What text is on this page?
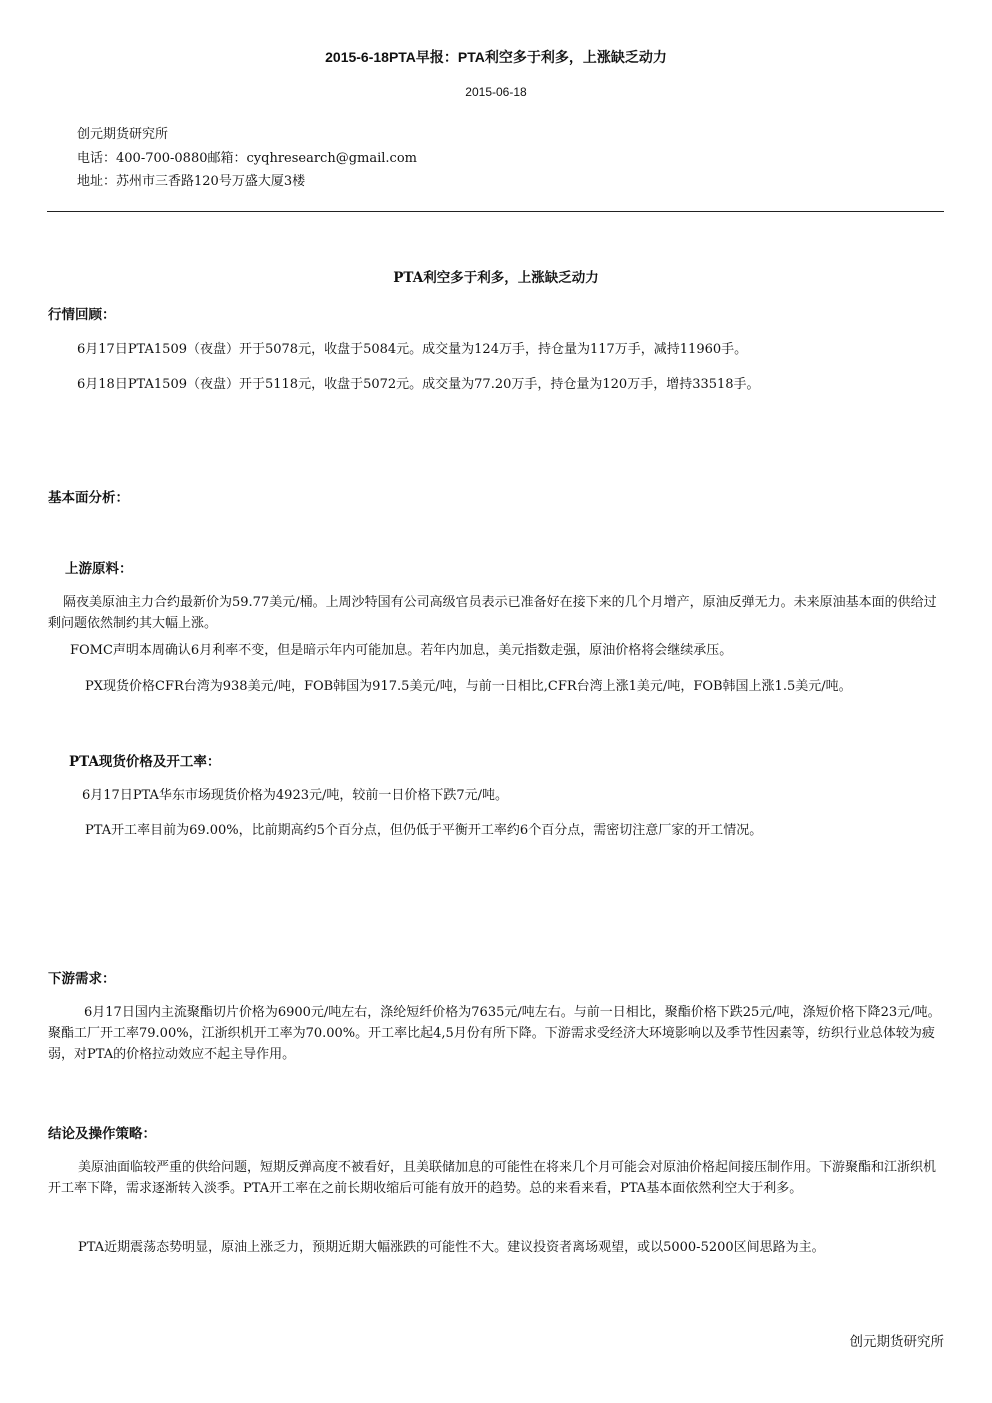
2015-6-18PTA早报：PTA利空多于利多，上涨缺乏动力
2015-06-18
创元期货研究所
电话：400-700-0880邮箱：cyqhresearch@gmail.com
地址：苏州市三香路120号万盛大厦3楼
PTA利空多于利多，上涨缺乏动力
行情回顾：
6月17日PTA1509（夜盘）开于5078元，收盘于5084元。成交量为124万手，持仓量为117万手，减持11960手。
6月18日PTA1509（夜盘）开于5118元，收盘于5072元。成交量为77.20万手，持仓量为120万手，增持33518手。
基本面分析：
上游原料：
隔夜美原油主力合约最新价为59.77美元/桶。上周沙特国有公司高级官员表示已准备好在接下来的几个月增产，原油反弹无力。未来原油基本面的供给过剩问题依然制约其大幅上涨。
FOMC声明本周确认6月利率不变，但是暗示年内可能加息。若年内加息，美元指数走强，原油价格将会继续承压。
PX现货价格CFR台湾为938美元/吨，FOB韩国为917.5美元/吨，与前一日相比,CFR台湾上涨1美元/吨，FOB韩国上涨1.5美元/吨。
PTA现货价格及开工率：
6月17日PTA华东市场现货价格为4923元/吨，较前一日价格下跌7元/吨。
PTA开工率目前为69.00%，比前期高约5个百分点，但仍低于平衡开工率约6个百分点，需密切注意厂家的开工情况。
下游需求：
6月17日国内主流聚酯切片价格为6900元/吨左右，涤纶短纤价格为7635元/吨左右。与前一日相比，聚酯价格下跌25元/吨，涤短价格下降23元/吨。聚酯工厂开工率79.00%，江浙织机开工率为70.00%。开工率比起4,5月份有所下降。下游需求受经济大环境影响以及季节性因素等，纺织行业总体较为疲弱，对PTA的价格拉动效应不起主导作用。
结论及操作策略：
美原油面临较严重的供给问题，短期反弹高度不被看好，且美联储加息的可能性在将来几个月可能会对原油价格起间接压制作用。下游聚酯和江浙织机开工率下降，需求逐渐转入淡季。PTA开工率在之前长期收缩后可能有放开的趋势。总的来看来看，PTA基本面依然利空大于利多。
PTA近期震荡态势明显，原油上涨乏力，预期近期大幅涨跌的可能性不大。建议投资者离场观望，或以5000-5200区间思路为主。
创元期货研究所
